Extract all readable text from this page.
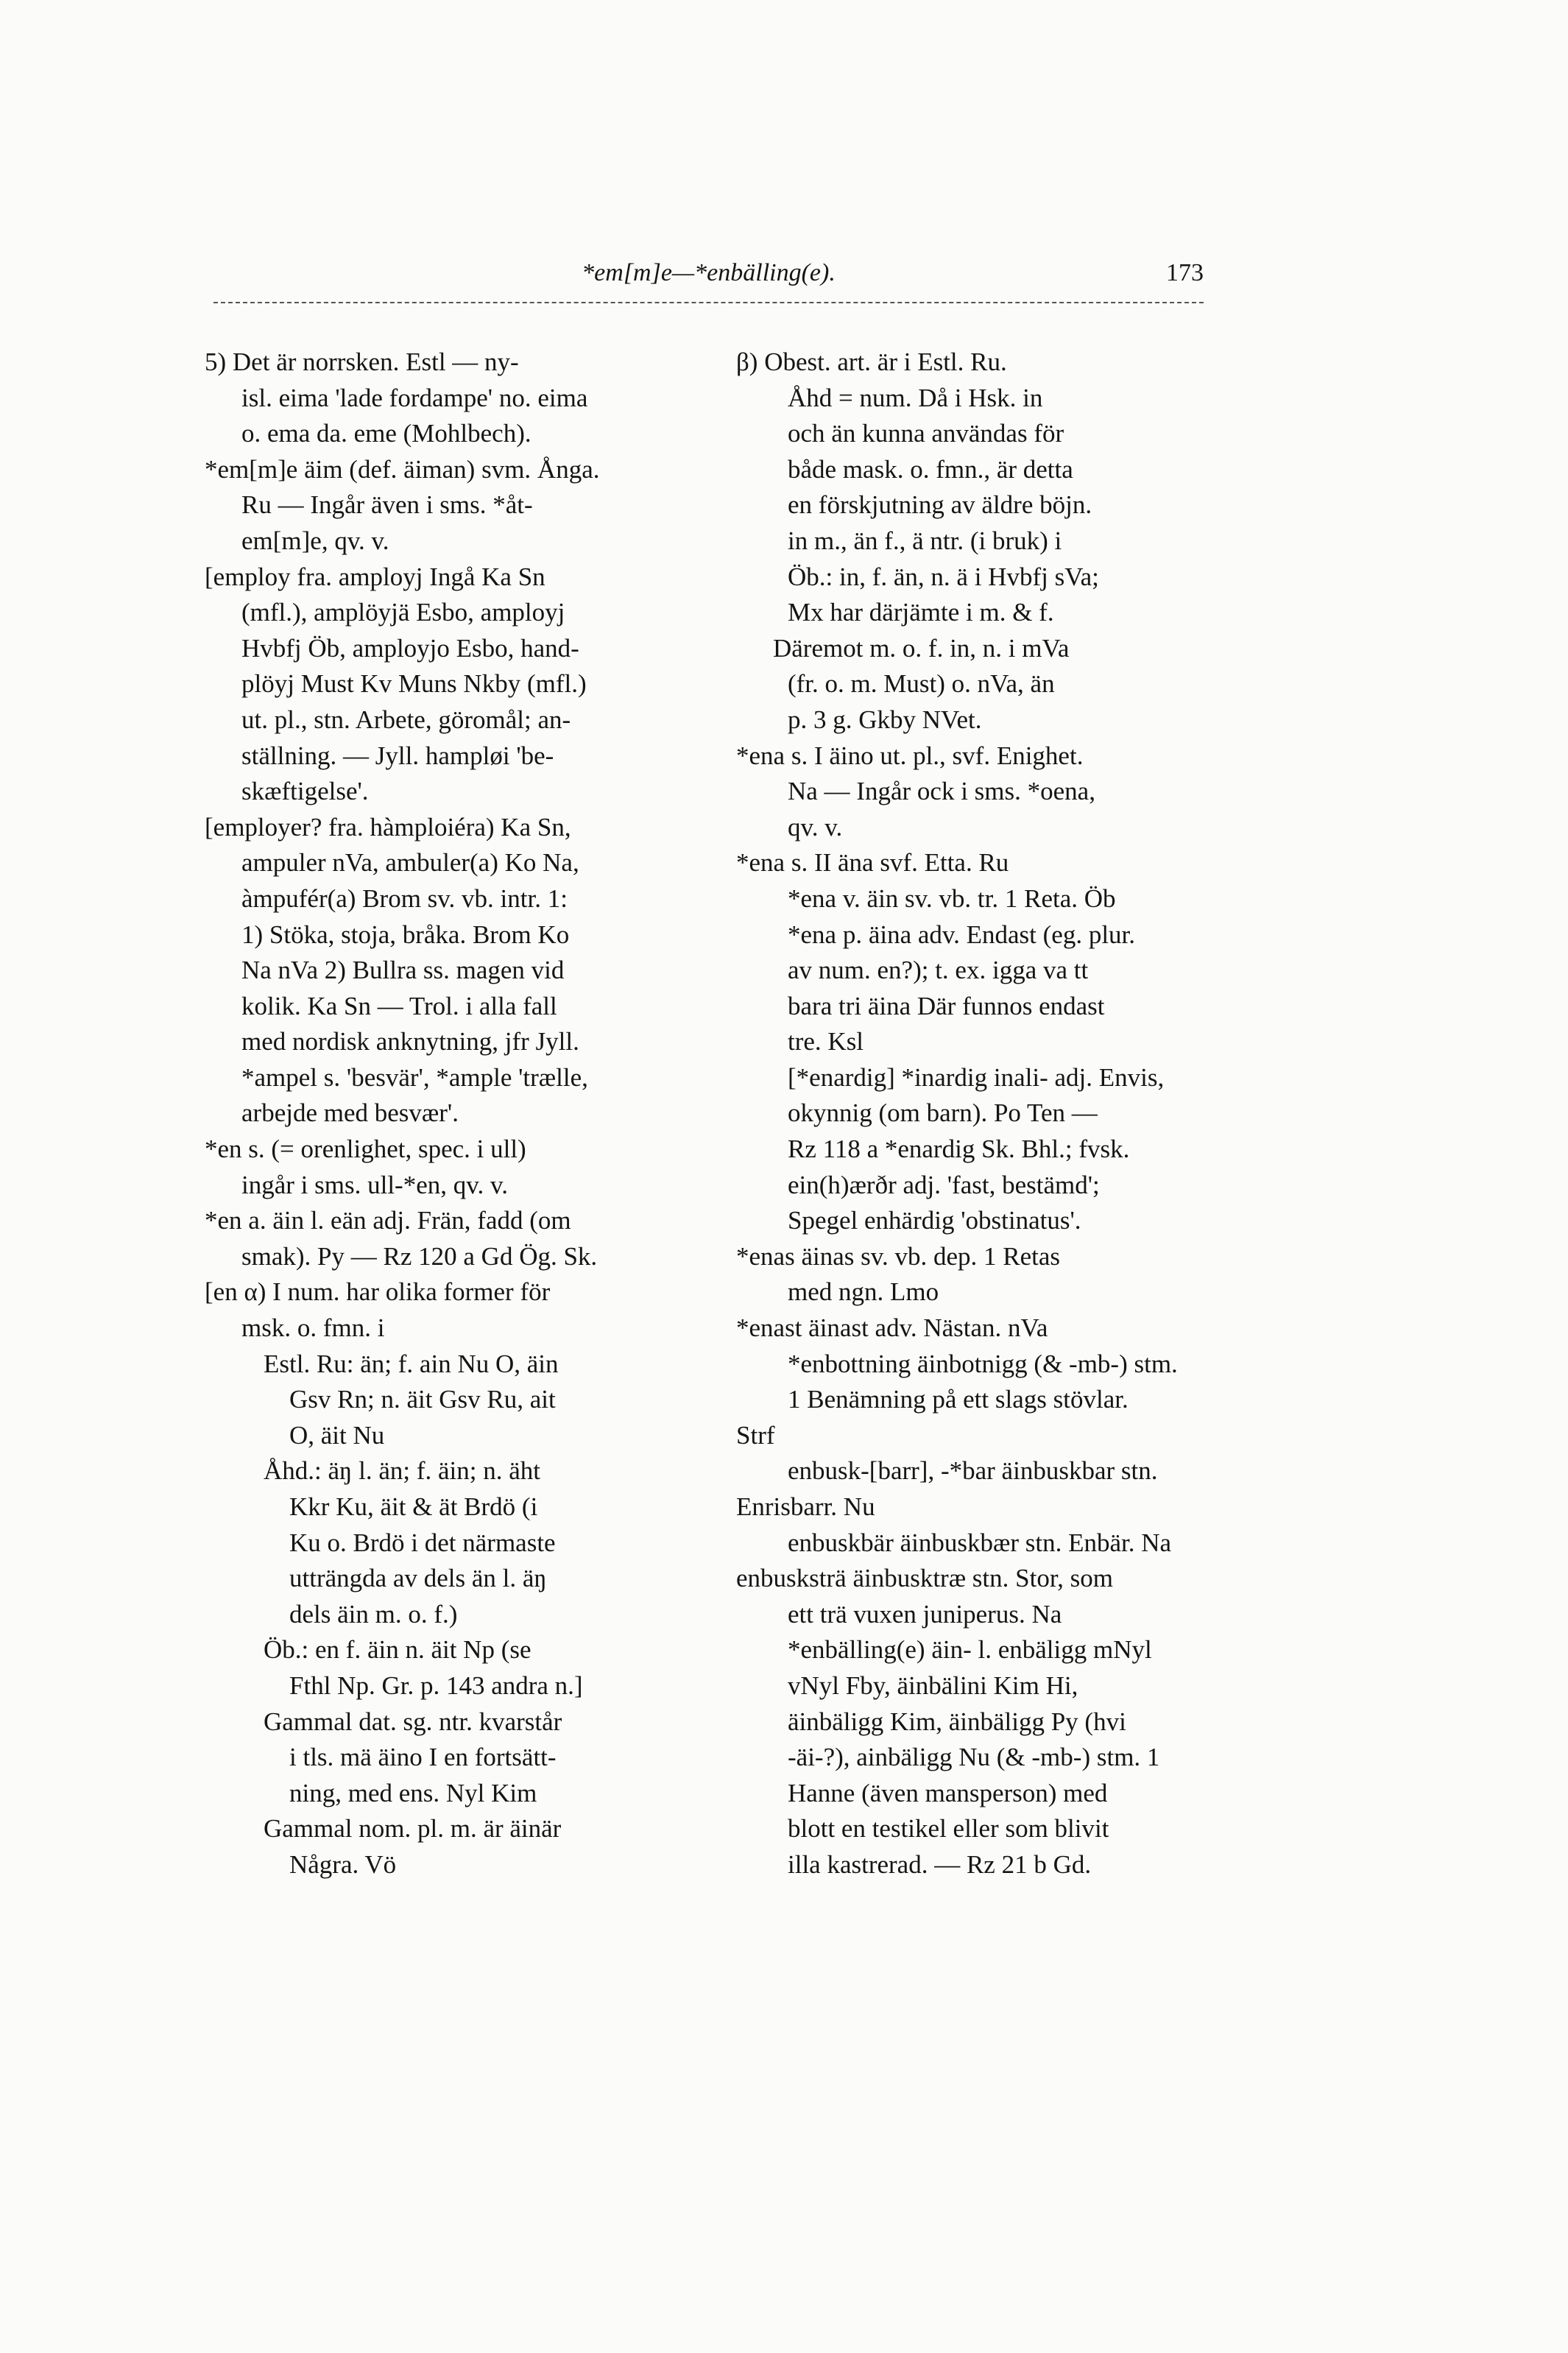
*em[m]e—*enbälling(e).	173
5) Det är norrsken. Estl — ny-
isl. eima 'lade fordampe' no. eima
o. ema da. eme (Mohlbech).
*em[m]e äim (def. äiman) svm. Ånga.
Ru — Ingår även i sms. *åt-
em[m]e, qv. v.
[employ fra. amployj Ingå Ka Sn
(mfl.), amplöyjä Esbo, amployj
Hvbfj Öb, amployjo Esbo, hand-
plöyj Must Kv Muns Nkby (mfl.)
ut. pl., stn. Arbete, göromål; an-
ställning. — Jyll. hampløi 'be-
skæftigelse'.
[employer? fra. hàmploiéra) Ka Sn,
ampuler nVa, ambuler(a) Ko Na,
àmpufér(a) Brom sv. vb. intr. 1:
1) Stöka, stoja, bråka. Brom Ko
Na nVa 2) Bullra ss. magen vid
kolik. Ka Sn — Trol. i alla fall
med nordisk anknytning, jfr Jyll.
*ampel s. 'besvär', *ample 'trælle,
arbejde med besvær'.
*en s. (= orenlighet, spec. i ull)
ingår i sms. ull-*en, qv. v.
*en a. äin l. eän adj. Frän, fadd (om
smak). Py — Rz 120 a Gd Ög. Sk.
[en α) I num. har olika former för
msk. o. fmn. i
Estl. Ru: än; f. ain Nu O, äin
Gsv Rn; n. äit Gsv Ru, ait
O, äit Nu
Åhd.: äŋ l. än; f. äin; n. äht
Kkr Ku, äit & ät Brdö (i
Ku o. Brdö i det närmaste
utträngda av dels än l. äŋ
dels äin m. o. f.)
Öb.: en f. äin n. äit Np (se
Fthl Np. Gr. p. 143 andra n.]
Gammal dat. sg. ntr. kvarstår
i tls. mä äino I en fortsätt-
ning, med ens. Nyl Kim
Gammal nom. pl. m. är äinär
Några. Vö
β) Obest. art. är i Estl. Ru.
Åhd = num. Då i Hsk. in
och än kunna användas för
både mask. o. fmn., är detta
en förskjutning av äldre böjn.
in m., än f., ä ntr. (i bruk) i
Öb.: in, f. än, n. ä i Hvbfj sVa;
Mx har därjämte i m. & f.
Däremot m. o. f. in, n. i mVa
(fr. o. m. Must) o. nVa, än
p. 3 g. Gkby NVet.
*ena s. I äino ut. pl., svf. Enighet.
Na — Ingår ock i sms. *oena,
qv. v.
*ena s. II äna svf. Etta. Ru
*ena v. äin sv. vb. tr. 1 Reta. Öb
*ena p. äina adv. Endast (eg. plur.
av num. en?); t. ex. igga va tt
bara tri äina Där funnos endast
tre. Ksl
[*enardig] *inardig inali- adj. Envis,
okynnig (om barn). Po Ten —
Rz 118 a *enardig Sk. Bhl.; fvsk.
ein(h)ærðr adj. 'fast, bestämd';
Spegel enhärdig 'obstinatus'.
*enas äinas sv. vb. dep. 1 Retas
med ngn. Lmo
*enast äinast adv. Nästan. nVa
*enbottning äinbotnigg (& -mb-) stm.
1 Benämning på ett slags stövlar.
Strf
enbusk-[barr], -*bar äinbuskbar stn.
Enrisbarr. Nu
enbuskbär äinbuskbær stn. Enbär. Na
enbusksträ äinbusktræ stn. Stor, som
ett trä vuxen juniperus. Na
*enbälling(e) äin- l. enbäligg mNyl
vNyl Fby, äinbälini Kim Hi,
äinbäligg Kim, äinbäligg Py (hvi
-äi-?), ainbäligg Nu (& -mb-) stm. 1
Hanne (även mansperson) med
blott en testikel eller som blivit
illa kastrerad. — Rz 21 b Gd.
